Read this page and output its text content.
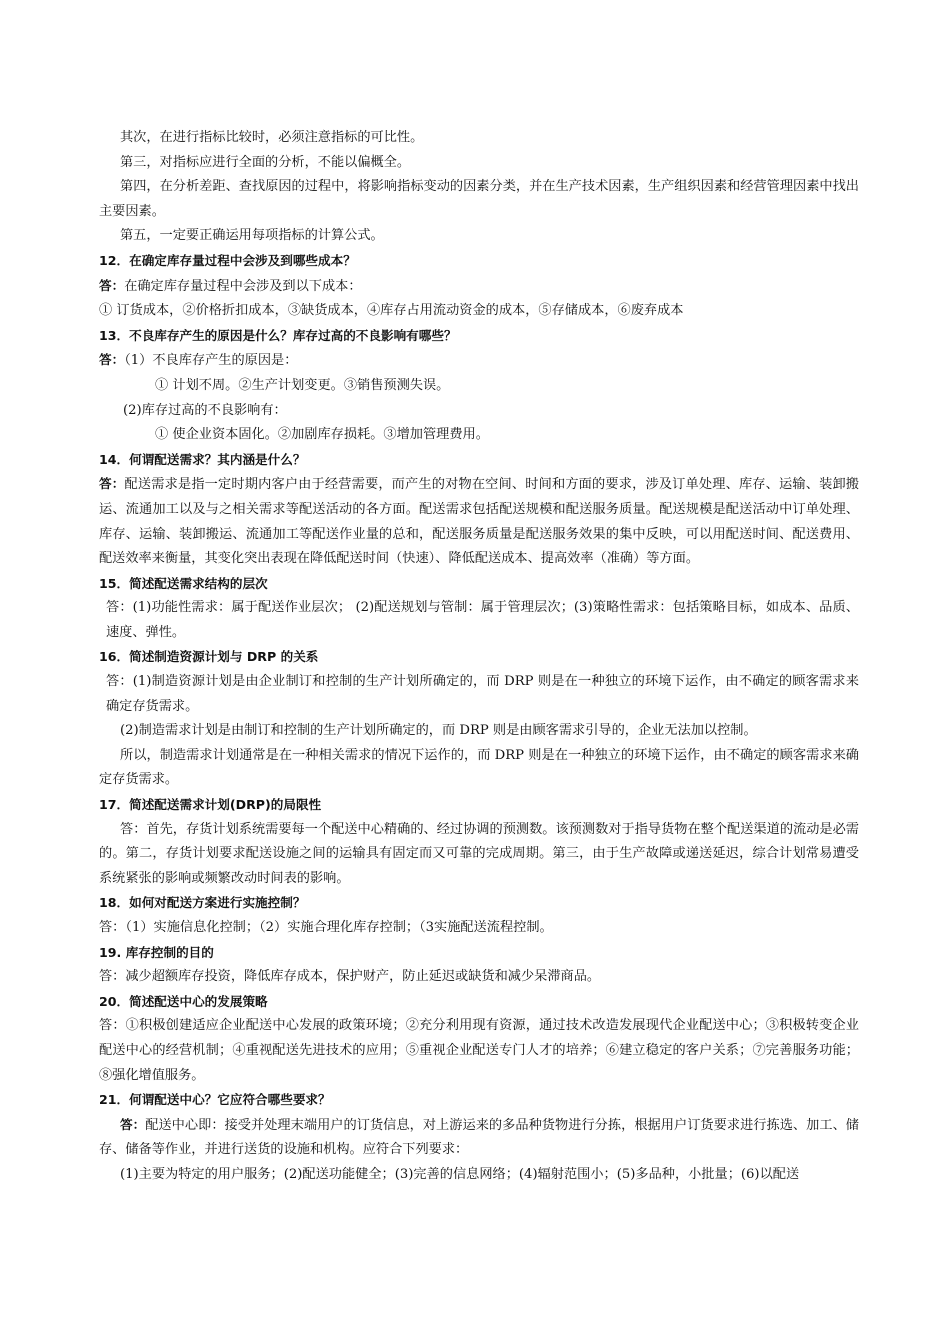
其次，在进行指标比较时，必须注意指标的可比性。

第三，对指标应进行全面的分析，不能以偏概全。

第四，在分析差距、查找原因的过程中，将影响指标变动的因素分类，并在生产技术因素，生产组织因素和经营管理因素中找出主要因素。

第五，一定要正确运用每项指标的计算公式。

12．在确定库存量过程中会涉及到哪些成本？

答：在确定库存量过程中会涉及到以下成本：

① 订货成本，②价格折扣成本，③缺货成本，④库存占用流动资金的成本，⑤存储成本，⑥废弃成本

13．不良库存产生的原因是什么？库存过高的不良影响有哪些？

答：（1）不良库存产生的原因是：

① 计划不周。②生产计划变更。③销售预测失误。

(2)库存过高的不良影响有：

① 使企业资本固化。②加剧库存损耗。③增加管理费用。

14．何谓配送需求？其内涵是什么？

答：配送需求是指一定时期内客户由于经营需要，而产生的对物在空间、时间和方面的要求，涉及订单处理、库存、运输、装卸搬运、流通加工以及与之相关需求等配送活动的各方面。配送需求包括配送规模和配送服务质量。配送规模是配送活动中订单处理、库存、运输、装卸搬运、流通加工等配送作业量的总和，配送服务质量是配送服务效果的集中反映，可以用配送时间、配送费用、配送效率来衡量，其变化突出表现在降低配送时间（快速）、降低配送成本、提高效率（准确）等方面。

15．简述配送需求结构的层次

答：(1)功能性需求：属于配送作业层次； (2)配送规划与管制：属于管理层次；(3)策略性需求：包括策略目标，如成本、品质、速度、弹性。

16．简述制造资源计划与 DRP 的关系

答：(1)制造资源计划是由企业制订和控制的生产计划所确定的，而 DRP 则是在一种独立的环境下运作，由不确定的顾客需求来确定存货需求。

(2)制造需求计划是由制订和控制的生产计划所确定的，而 DRP 则是由顾客需求引导的，企业无法加以控制。

所以，制造需求计划通常是在一种相关需求的情况下运作的，而 DRP 则是在一种独立的环境下运作，由不确定的顾客需求来确定存货需求。

17．简述配送需求计划(DRP)的局限性

答：首先，存货计划系统需要每一个配送中心精确的、经过协调的预测数。该预测数对于指导货物在整个配送渠道的流动是必需的。第二，存货计划要求配送设施之间的运输具有固定而又可靠的完成周期。第三，由于生产故障或递送延迟，综合计划常易遭受系统紧张的影响或频繁改动时间表的影响。

18．如何对配送方案进行实施控制？

答：（1）实施信息化控制；（2）实施合理化库存控制；（3实施配送流程控制。

19. 库存控制的目的

答：减少超额库存投资，降低库存成本，保护财产，防止延迟或缺货和减少呆滞商品。

20．简述配送中心的发展策略

答：①积极创建适应企业配送中心发展的政策环境；②充分利用现有资源，通过技术改造发展现代企业配送中心；③积极转变企业配送中心的经营机制；④重视配送先进技术的应用；⑤重视企业配送专门人才的培养；⑥建立稳定的客户关系；⑦完善服务功能；⑧强化增值服务。

21．何谓配送中心？它应符合哪些要求？

答：配送中心即：接受并处理末端用户的订货信息，对上游运来的多品种货物进行分拣，根据用户订货要求进行拣选、加工、储存、储备等作业，并进行送货的设施和机构。应符合下列要求：

(1)主要为特定的用户服务；(2)配送功能健全；(3)完善的信息网络；(4)辐射范围小；(5)多品种，小批量；(6)以配送
